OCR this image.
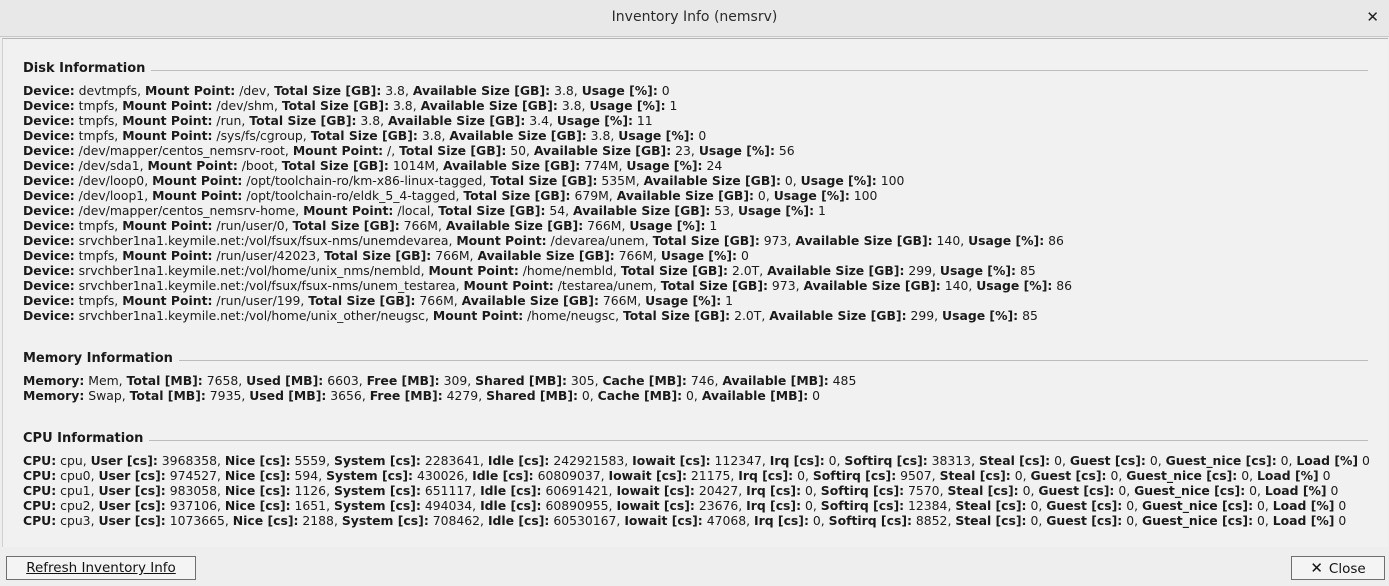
Inventory Info (nemsrv)	✕
Disk Information
Device: devtmpfs, Mount Point: /dev, Total Size [GB]: 3.8, Available Size [GB]: 3.8, Usage [%]: 0
Device: tmpfs, Mount Point: /dev/shm, Total Size [GB]: 3.8, Available Size [GB]: 3.8, Usage [%]: 1
Device: tmpfs, Mount Point: /run, Total Size [GB]: 3.8, Available Size [GB]: 3.4, Usage [%]: 11
Device: tmpfs, Mount Point: /sys/fs/cgroup, Total Size [GB]: 3.8, Available Size [GB]: 3.8, Usage [%]: 0
Device: /dev/mapper/centos_nemsrv-root, Mount Point: /, Total Size [GB]: 50, Available Size [GB]: 23, Usage [%]: 56
Device: /dev/sda1, Mount Point: /boot, Total Size [GB]: 1014M, Available Size [GB]: 774M, Usage [%]: 24
Device: /dev/loop0, Mount Point: /opt/toolchain-ro/km-x86-linux-tagged, Total Size [GB]: 535M, Available Size [GB]: 0, Usage [%]: 100
Device: /dev/loop1, Mount Point: /opt/toolchain-ro/eldk_5_4-tagged, Total Size [GB]: 679M, Available Size [GB]: 0, Usage [%]: 100
Device: /dev/mapper/centos_nemsrv-home, Mount Point: /local, Total Size [GB]: 54, Available Size [GB]: 53, Usage [%]: 1
Device: tmpfs, Mount Point: /run/user/0, Total Size [GB]: 766M, Available Size [GB]: 766M, Usage [%]: 1
Device: srvchber1na1.keymile.net:/vol/fsux/fsux-nms/unemdevarea, Mount Point: /devarea/unem, Total Size [GB]: 973, Available Size [GB]: 140, Usage [%]: 86
Device: tmpfs, Mount Point: /run/user/42023, Total Size [GB]: 766M, Available Size [GB]: 766M, Usage [%]: 0
Device: srvchber1na1.keymile.net:/vol/home/unix_nms/nembld, Mount Point: /home/nembld, Total Size [GB]: 2.0T, Available Size [GB]: 299, Usage [%]: 85
Device: srvchber1na1.keymile.net:/vol/fsux/fsux-nms/unem_testarea, Mount Point: /testarea/unem, Total Size [GB]: 973, Available Size [GB]: 140, Usage [%]: 86
Device: tmpfs, Mount Point: /run/user/199, Total Size [GB]: 766M, Available Size [GB]: 766M, Usage [%]: 1
Device: srvchber1na1.keymile.net:/vol/home/unix_other/neugsc, Mount Point: /home/neugsc, Total Size [GB]: 2.0T, Available Size [GB]: 299, Usage [%]: 85
Memory Information
Memory: Mem, Total [MB]: 7658, Used [MB]: 6603, Free [MB]: 309, Shared [MB]: 305, Cache [MB]: 746, Available [MB]: 485
Memory: Swap, Total [MB]: 7935, Used [MB]: 3656, Free [MB]: 4279, Shared [MB]: 0, Cache [MB]: 0, Available [MB]: 0
CPU Information
CPU: cpu, User [cs]: 3968358, Nice [cs]: 5559, System [cs]: 2283641, Idle [cs]: 242921583, Iowait [cs]: 112347, Irq [cs]: 0, Softirq [cs]: 38313, Steal [cs]: 0, Guest [cs]: 0, Guest_nice [cs]: 0, Load [%] 0
CPU: cpu0, User [cs]: 974527, Nice [cs]: 594, System [cs]: 430026, Idle [cs]: 60809037, Iowait [cs]: 21175, Irq [cs]: 0, Softirq [cs]: 9507, Steal [cs]: 0, Guest [cs]: 0, Guest_nice [cs]: 0, Load [%] 0
CPU: cpu1, User [cs]: 983058, Nice [cs]: 1126, System [cs]: 651117, Idle [cs]: 60691421, Iowait [cs]: 20427, Irq [cs]: 0, Softirq [cs]: 7570, Steal [cs]: 0, Guest [cs]: 0, Guest_nice [cs]: 0, Load [%] 0
CPU: cpu2, User [cs]: 937106, Nice [cs]: 1651, System [cs]: 494034, Idle [cs]: 60890955, Iowait [cs]: 23676, Irq [cs]: 0, Softirq [cs]: 12384, Steal [cs]: 0, Guest [cs]: 0, Guest_nice [cs]: 0, Load [%] 0
CPU: cpu3, User [cs]: 1073665, Nice [cs]: 2188, System [cs]: 708462, Idle [cs]: 60530167, Iowait [cs]: 47068, Irq [cs]: 0, Softirq [cs]: 8852, Steal [cs]: 0, Guest [cs]: 0, Guest_nice [cs]: 0, Load [%] 0
Refresh Inventory Info	✕ Close
